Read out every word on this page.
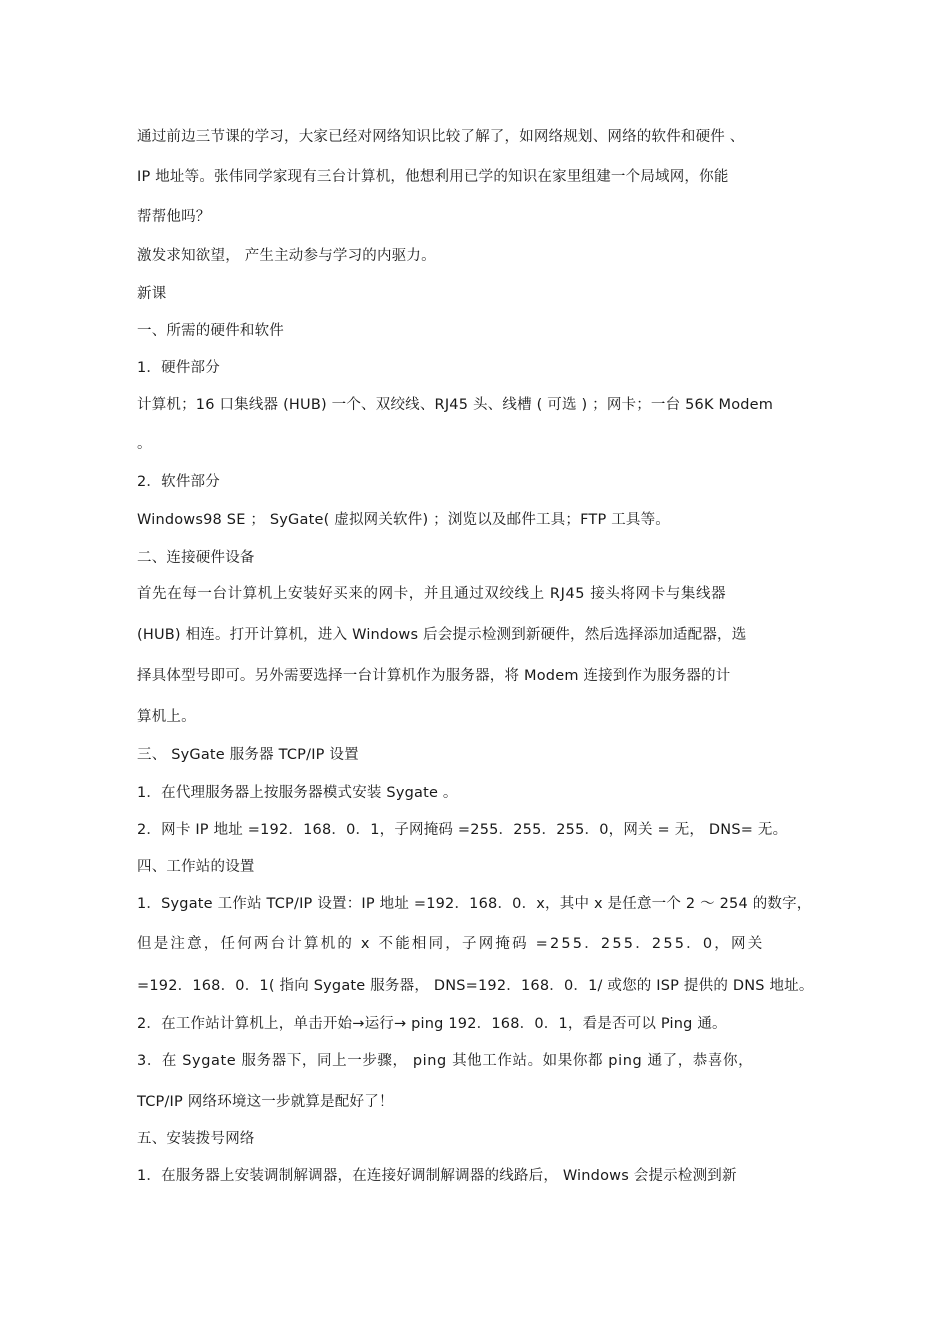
通过前边三节课的学习，大家已经对网络知识比较了解了，如网络规划、网络的软件和硬件 、
IP 地址等。张伟同学家现有三台计算机，他想利用已学的知识在家里组建一个局域网，你能
帮帮他吗？
激发求知欲望， 产生主动参与学习的内驱力。
新课
一、所需的硬件和软件
1．硬件部分
计算机；16 口集线器 (HUB) 一个、双绞线、RJ45 头、线槽 ( 可选 ) ；网卡；一台 56K Modem
。
2．软件部分
Windows98 SE ； SyGate( 虚拟网关软件) ；浏览以及邮件工具；FTP 工具等。
二、连接硬件设备
首先在每一台计算机上安装好买来的网卡，并且通过双绞线上 RJ45 接头将网卡与集线器
(HUB) 相连。打开计算机，进入 Windows 后会提示检测到新硬件，然后选择添加适配器，选
择具体型号即可。另外需要选择一台计算机作为服务器，将 Modem 连接到作为服务器的计
算机上。
三、 SyGate 服务器 TCP/IP 设置
1．在代理服务器上按服务器模式安装 Sygate 。
2．网卡 IP 地址 =192．168．0．1，子网掩码 =255．255．255．0，网关 = 无， DNS= 无。
四、工作站的设置
1．Sygate 工作站 TCP/IP 设置：IP 地址 =192．168．0．x，其中 x 是任意一个 2 ～ 254 的数字，
但是注意，任何两台计算机的 x 不能相同，子网掩码 =255．255．255．0，网关
=192．168．0．1( 指向 Sygate 服务器， DNS=192．168．0．1/ 或您的 ISP 提供的 DNS 地址。
2．在工作站计算机上，单击开始→运行→ ping 192．168．0．1，看是否可以 Ping 通。
3．在 Sygate 服务器下，同上一步骤， ping 其他工作站。如果你都 ping 通了，恭喜你，
TCP/IP 网络环境这一步就算是配好了！
五、安装拨号网络
1．在服务器上安装调制解调器，在连接好调制解调器的线路后， Windows 会提示检测到新
